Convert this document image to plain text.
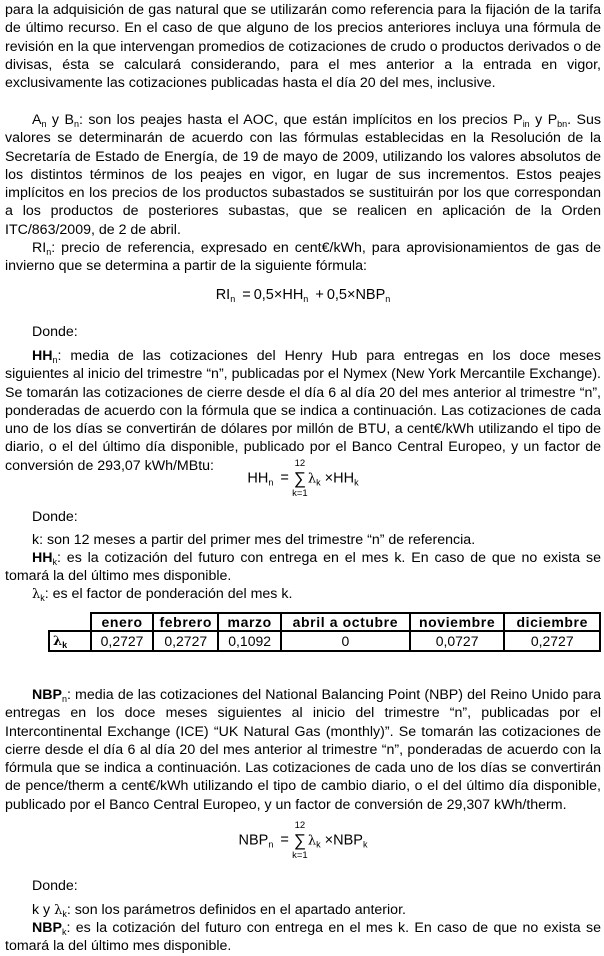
para la adquisición de gas natural que se utilizarán como referencia para la fijación de la tarifa de último recurso. En el caso de que alguno de los precios anteriores incluya una fórmula de revisión en la que intervengan promedios de cotizaciones de crudo o productos derivados o de divisas, ésta se calculará considerando, para el mes anterior a la entrada en vigor, exclusivamente las cotizaciones publicadas hasta el día 20 del mes, inclusive.

$A_n$ y $B_n$: son los peajes hasta el AOC, que están implícitos en los precios $P_{in}$ y $P_{bn}$. Sus valores se determinarán de acuerdo con las fórmulas establecidas en la Resolución de la Secretaría de Estado de Energía, de 19 de mayo de 2009, utilizando los valores absolutos de los distintos términos de los peajes en vigor, en lugar de sus incrementos. Estos peajes implícitos en los precios de los productos subastados se sustituirán por los que correspondan a los productos de posteriores subastas, que se realicen en aplicación de la Orden ITC/863/2009, de 2 de abril.

$RI_n$: precio de referencia, expresado en cent€/kWh, para aprovisionamientos de gas de invierno que se determina a partir de la siguiente fórmula:

$RI_n = 0,5\times HH_n + 0,5\times NBP_n$

Donde:

$HH_n$: media de las cotizaciones del Henry Hub para entregas en los doce meses siguientes al inicio del trimestre “n”, publicadas por el Nymex (New York Mercantile Exchange). Se tomarán las cotizaciones de cierre desde el día 6 al día 20 del mes anterior al trimestre “n”, ponderadas de acuerdo con la fórmula que se indica a continuación. Las cotizaciones de cada uno de los días se convertirán de dólares por millón de BTU, a cent€/kWh utilizando el tipo de diario, o el del último día disponible, publicado por el Banco Central Europeo, y un factor de conversión de 293,07 kWh/MBtu:

$HH_n$ =
12
∑
k=1
$\lambda_k \times HH_k$

Donde:

k: son 12 meses a partir del primer mes del trimestre “n” de referencia.

$HH_k$: es la cotización del futuro con entrega en el mes k. En caso de que no exista se tomará la del último mes disponible.

$\lambda_k$: es el factor de ponderación del mes k.

	enero	febrero	marzo	abril a octubre	noviembre	diciembre
$\lambda_k$	0,2727	0,2727	0,1092	0	0,0727	0,2727

$NBP_n$: media de las cotizaciones del National Balancing Point (NBP) del Reino Unido para entregas en los doce meses siguientes al inicio del trimestre “n”, publicadas por el Intercontinental Exchange (ICE) “UK Natural Gas (monthly)”. Se tomarán las cotizaciones de cierre desde el día 6 al día 20 del mes anterior al trimestre “n”, ponderadas de acuerdo con la fórmula que se indica a continuación. Las cotizaciones de cada uno de los días se convertirán de pence/therm a cent€/kWh utilizando el tipo de cambio diario, o el del último día disponible, publicado por el Banco Central Europeo, y un factor de conversión de 29,307 kWh/therm.

$NBP_n$ =
12
∑
k=1
$\lambda_k \times NBP_k$

Donde:

k y $\lambda_k$: son los parámetros definidos en el apartado anterior.

$NBP_k$: es la cotización del futuro con entrega en el mes k. En caso de que no exista se tomará la del último mes disponible.
